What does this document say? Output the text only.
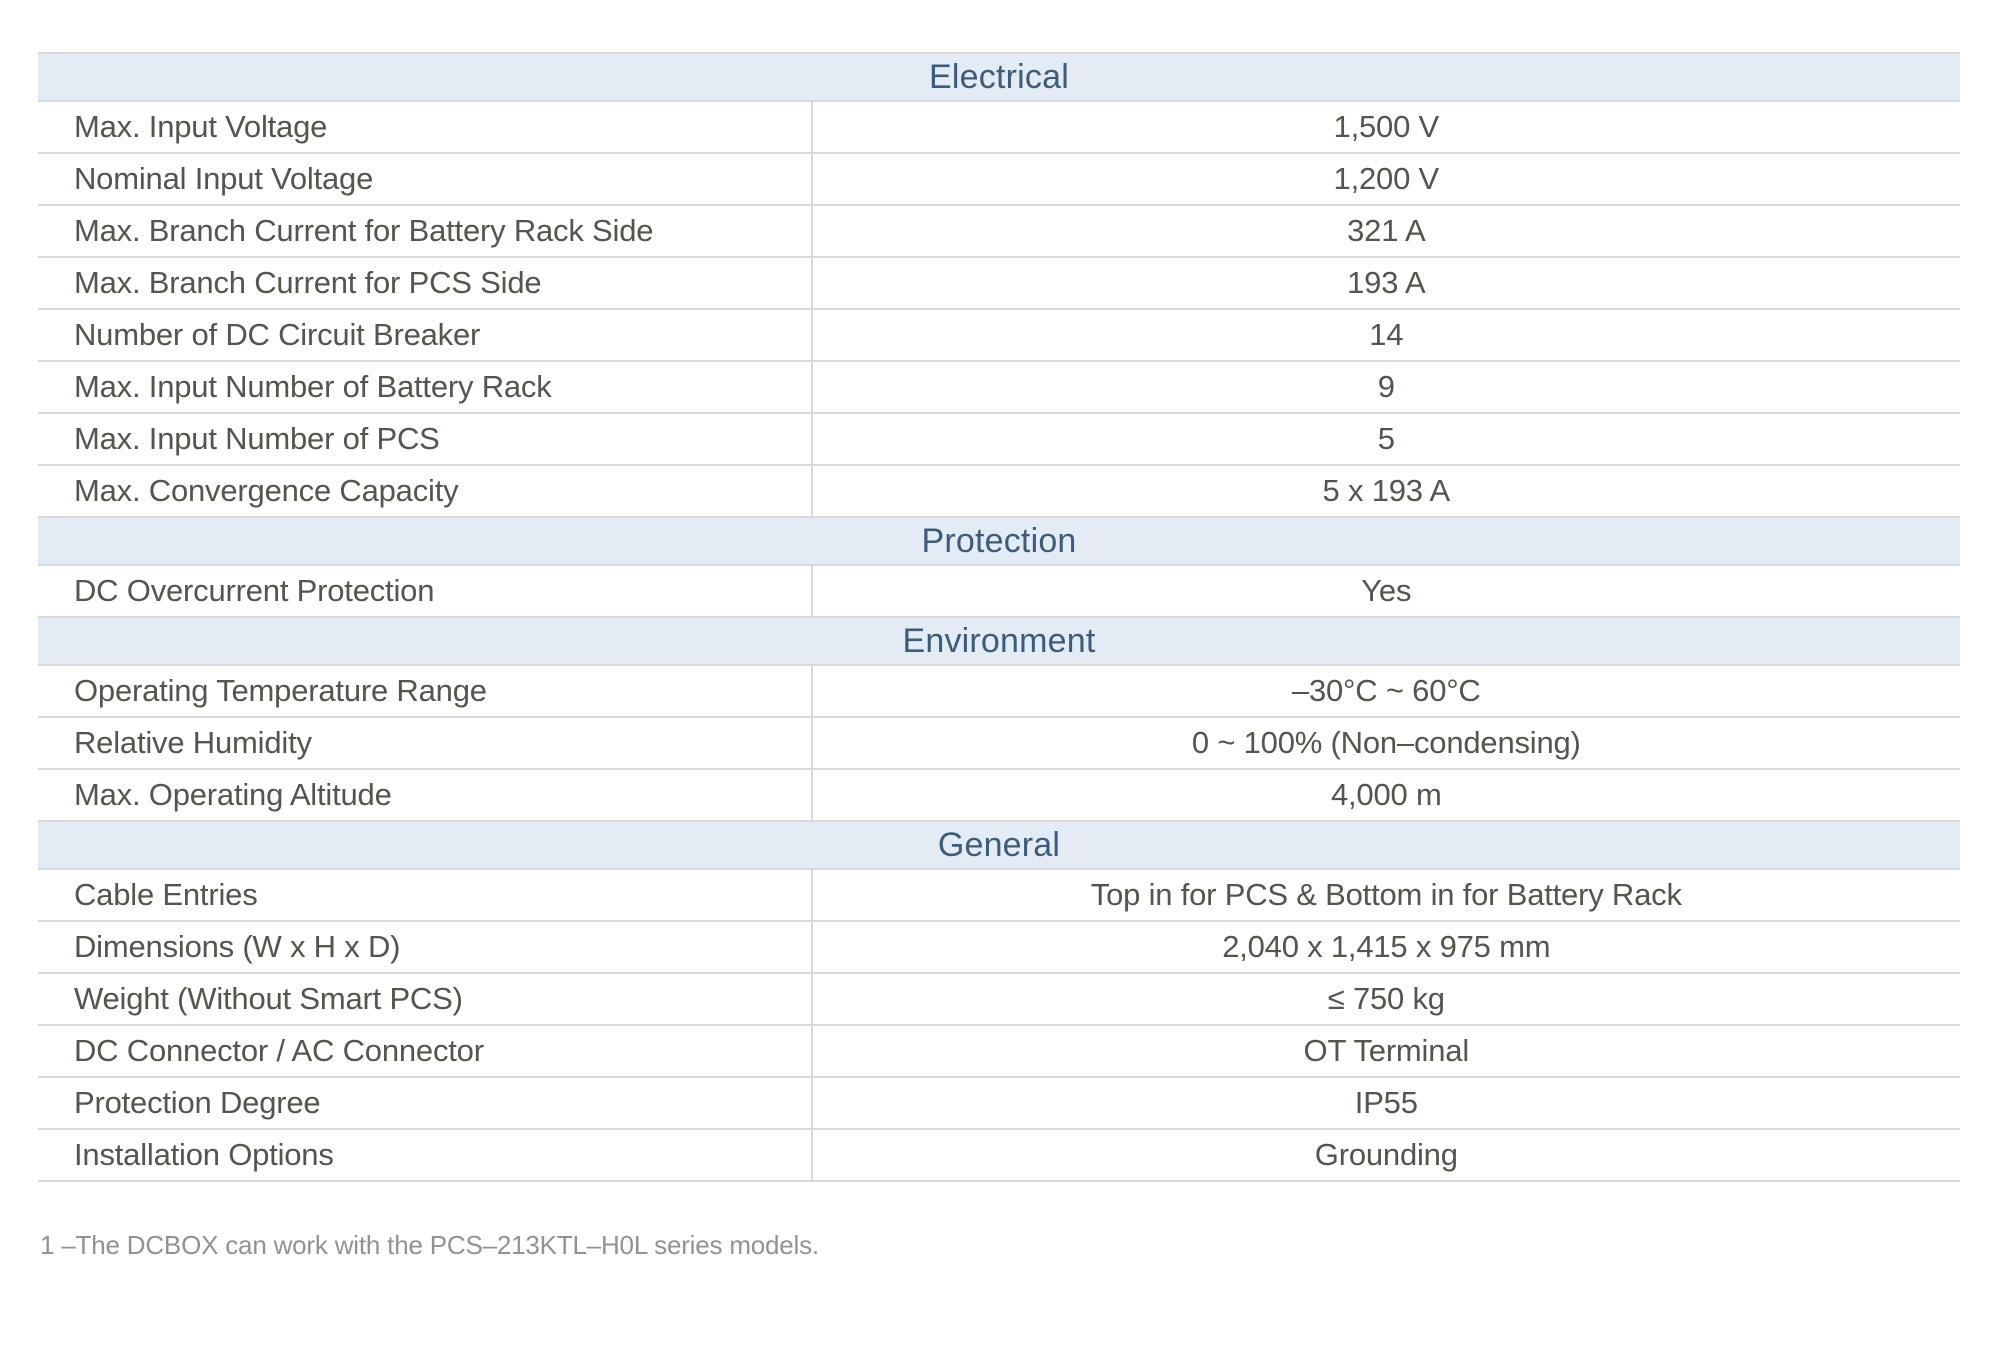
Electrical
Max. Input Voltage	1,500 V
Nominal Input Voltage	1,200 V
Max. Branch Current for Battery Rack Side	321 A
Max. Branch Current for PCS Side	193 A
Number of DC Circuit Breaker	14
Max. Input Number of Battery Rack	9
Max. Input Number of PCS	5
Max. Convergence Capacity	5 x 193 A
Protection
DC Overcurrent Protection	Yes
Environment
Operating Temperature Range	–30°C ~ 60°C
Relative Humidity	0 ~ 100% (Non–condensing)
Max. Operating Altitude	4,000 m
General
Cable Entries	Top in for PCS & Bottom in for Battery Rack
Dimensions (W x H x D)	2,040 x 1,415 x 975 mm
Weight (Without Smart PCS)	≤ 750 kg
DC Connector / AC Connector	OT Terminal
Protection Degree	IP55
Installation Options	Grounding

1 –The DCBOX can work with the PCS–213KTL–H0L series models.
